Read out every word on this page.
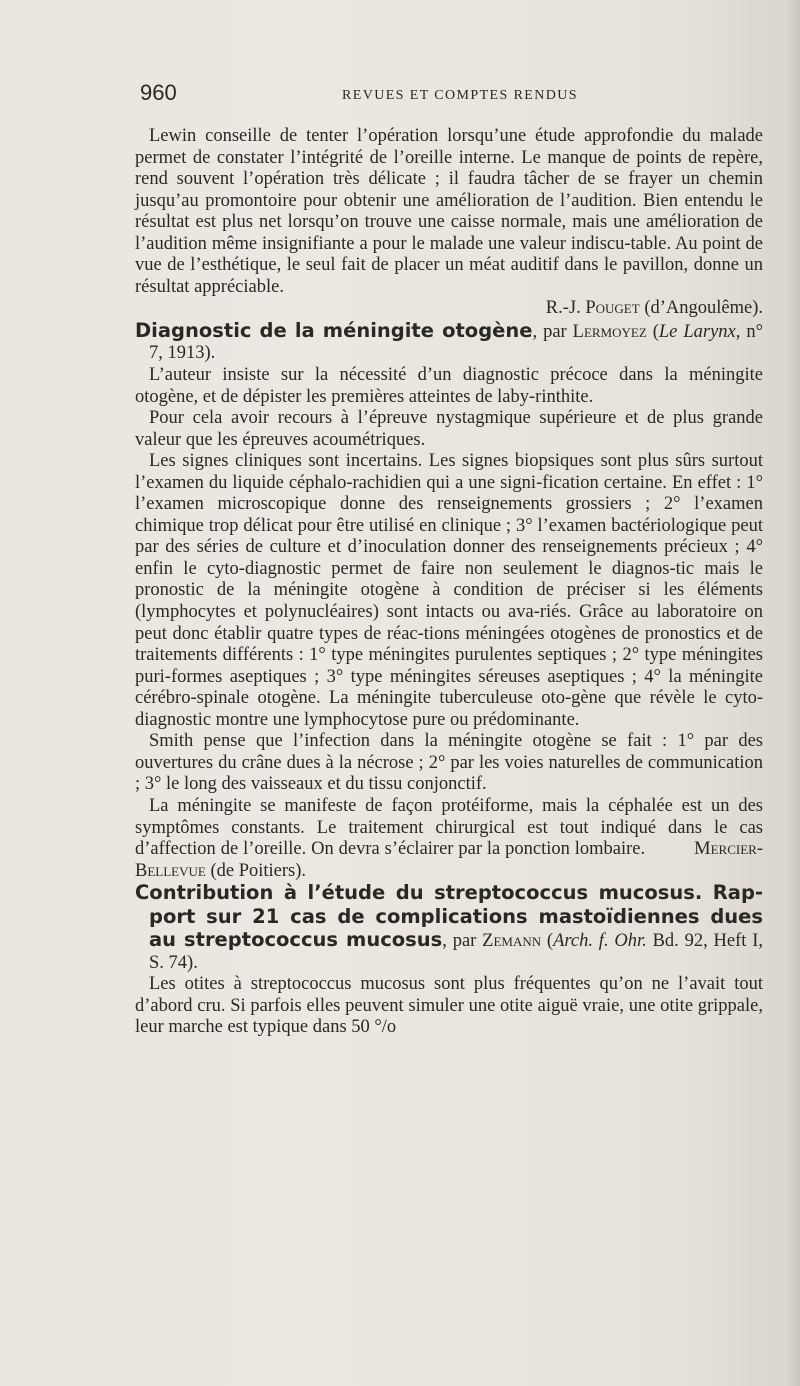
960	REVUES ET COMPTES RENDUS

Lewin conseille de tenter l’opération lorsqu’une étude approfondie du malade permet de constater l’intégrité de l’oreille interne. Le manque de points de repère, rend souvent l’opération très délicate ; il faudra tâcher de se frayer un chemin jusqu’au promontoire pour obtenir une amélioration de l’audition. Bien entendu le résultat est plus net lorsqu’on trouve une caisse normale, mais une amélioration de l’audition même insignifiante a pour le malade une valeur indiscu-table. Au point de vue de l’esthétique, le seul fait de placer un méat auditif dans le pavillon, donne un résultat appréciable.

R.-J. Pouget (d’Angoulême).

Diagnostic de la méningite otogène, par Lermoyez (Le Larynx, n° 7, 1913).

L’auteur insiste sur la nécessité d’un diagnostic précoce dans la méningite otogène, et de dépister les premières atteintes de laby-rinthite.

Pour cela avoir recours à l’épreuve nystagmique supérieure et de plus grande valeur que les épreuves acoumétriques.

Les signes cliniques sont incertains. Les signes biopsiques sont plus sûrs surtout l’examen du liquide céphalo-rachidien qui a une signi-fication certaine. En effet : 1° l’examen microscopique donne des renseignements grossiers ; 2° l’examen chimique trop délicat pour être utilisé en clinique ; 3° l’examen bactériologique peut par des séries de culture et d’inoculation donner des renseignements précieux ; 4° enfin le cyto-diagnostic permet de faire non seulement le diagnos-tic mais le pronostic de la méningite otogène à condition de préciser si les éléments (lymphocytes et polynucléaires) sont intacts ou ava-riés. Grâce au laboratoire on peut donc établir quatre types de réac-tions méningées otogènes de pronostics et de traitements différents : 1° type méningites purulentes septiques ; 2° type méningites puri-formes aseptiques ; 3° type méningites séreuses aseptiques ; 4° la méningite cérébro-spinale otogène. La méningite tuberculeuse oto-gène que révèle le cyto-diagnostic montre une lymphocytose pure ou prédominante.

Smith pense que l’infection dans la méningite otogène se fait : 1° par des ouvertures du crâne dues à la nécrose ; 2° par les voies naturelles de communication ; 3° le long des vaisseaux et du tissu conjonctif.

La méningite se manifeste de façon protéiforme, mais la céphalée est un des symptômes constants. Le traitement chirurgical est tout indiqué dans le cas d’affection de l’oreille. On devra s’éclairer par la ponction lombaire.	Mercier-Bellevue (de Poitiers).

Contribution à l’étude du streptococcus mucosus. Rap-port sur 21 cas de complications mastoïdiennes dues au streptococcus mucosus, par Zemann (Arch. f. Ohr. Bd. 92, Heft I, S. 74).

Les otites à streptococcus mucosus sont plus fréquentes qu’on ne l’avait tout d’abord cru. Si parfois elles peuvent simuler une otite aiguë vraie, une otite grippale, leur marche est typique dans 50 °/o
